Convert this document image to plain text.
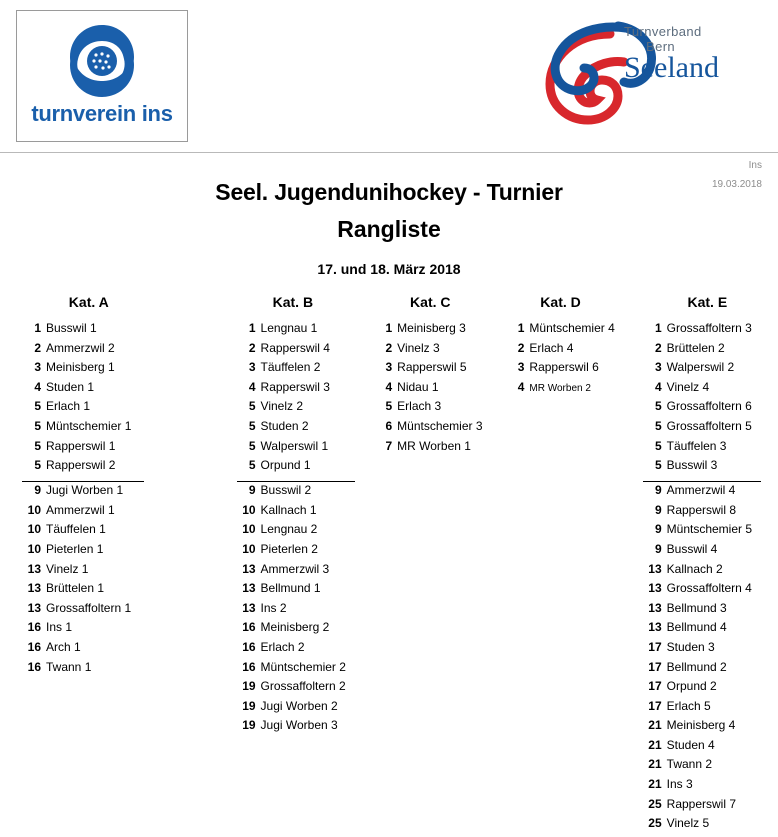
turnverein ins
Turnverband
Bern
Seeland
Ins
19.03.2018
Seel. Jugendunihockey - Turnier
Rangliste
17. und 18. März 2018
Kat. A
1 Busswil 1
2 Ammerzwil 2
3 Meinisberg 1
4 Studen 1
5 Erlach 1
5 Müntschemier 1
5 Rapperswil 1
5 Rapperswil 2
9 Jugi Worben 1
10 Ammerzwil 1
10 Täuffelen 1
10 Pieterlen 1
13 Vinelz 1
13 Brüttelen 1
13 Grossaffoltern 1
16 Ins 1
16 Arch 1
16 Twann 1
Kat. B
1 Lengnau 1
2 Rapperswil 4
3 Täuffelen 2
4 Rapperswil 3
5 Vinelz 2
5 Studen 2
5 Walperswil 1
5 Orpund 1
9 Busswil 2
10 Kallnach 1
10 Lengnau 2
10 Pieterlen 2
13 Ammerzwil 3
13 Bellmund 1
13 Ins 2
16 Meinisberg 2
16 Erlach 2
16 Müntschemier 2
19 Grossaffoltern 2
19 Jugi Worben 2
19 Jugi Worben 3
Kat. C
1 Meinisberg 3
2 Vinelz 3
3 Rapperswil 5
4 Nidau 1
5 Erlach 3
6 Müntschemier 3
7 MR Worben 1
Kat. D
1 Müntschemier 4
2 Erlach 4
3 Rapperswil 6
4 MR Worben 2
Kat. E
1 Grossaffoltern 3
2 Brüttelen 2
3 Walperswil 2
4 Vinelz 4
5 Grossaffoltern 6
5 Grossaffoltern 5
5 Täuffelen 3
5 Busswil 3
9 Ammerzwil 4
9 Rapperswil 8
9 Müntschemier 5
9 Busswil 4
13 Kallnach 2
13 Grossaffoltern 4
13 Bellmund 3
13 Bellmund 4
17 Studen 3
17 Bellmund 2
17 Orpund 2
17 Erlach 5
21 Meinisberg 4
21 Studen 4
21 Twann 2
21 Ins 3
25 Rapperswil 7
25 Vinelz 5
